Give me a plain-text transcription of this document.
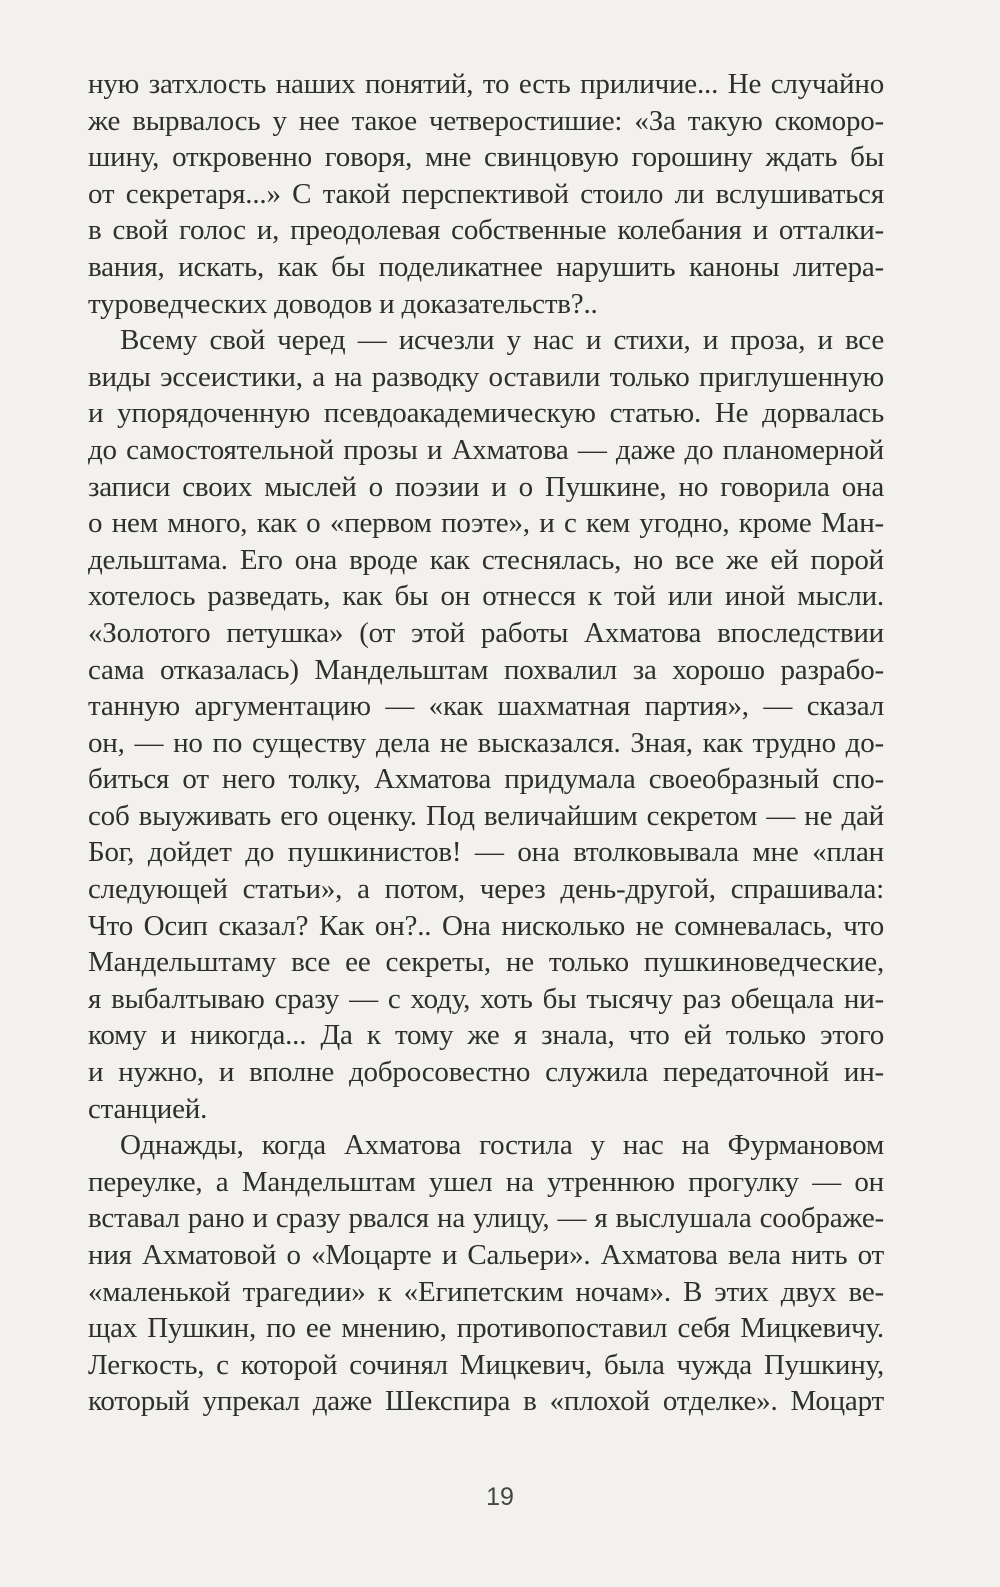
ную затхлость наших понятий, то есть приличие... Не случайно
же вырвалось у нее такое четверостишие: «За такую скоморо-
шину, откровенно говоря, мне свинцовую горошину ждать бы
от секретаря...» С такой перспективой стоило ли вслушиваться
в свой голос и, преодолевая собственные колебания и отталки-
вания, искать, как бы поделикатнее нарушить каноны литера-
туроведческих доводов и доказательств?..
Всему свой черед — исчезли у нас и стихи, и проза, и все
виды эссеистики, а на разводку оставили только приглушенную
и упорядоченную псевдоакадемическую статью. Не дорвалась
до самостоятельной прозы и Ахматова — даже до планомерной
записи своих мыслей о поэзии и о Пушкине, но говорила она
о нем много, как о «первом поэте», и с кем угодно, кроме Ман-
дельштама. Его она вроде как стеснялась, но все же ей порой
хотелось разведать, как бы он отнесся к той или иной мысли.
«Золотого петушка» (от этой работы Ахматова впоследствии
сама отказалась) Мандельштам похвалил за хорошо разрабо-
танную аргументацию — «как шахматная партия», — сказал
он, — но по существу дела не высказался. Зная, как трудно до-
биться от него толку, Ахматова придумала своеобразный спо-
соб выуживать его оценку. Под величайшим секретом — не дай
Бог, дойдет до пушкинистов! — она втолковывала мне «план
следующей статьи», а потом, через день-другой, спрашивала:
Что Осип сказал? Как он?.. Она нисколько не сомневалась, что
Мандельштаму все ее секреты, не только пушкиноведческие,
я выбалтываю сразу — с ходу, хоть бы тысячу раз обещала ни-
кому и никогда... Да к тому же я знала, что ей только этого
и нужно, и вполне добросовестно служила передаточной ин-
станцией.
Однажды, когда Ахматова гостила у нас на Фурмановом
переулке, а Мандельштам ушел на утреннюю прогулку — он
вставал рано и сразу рвался на улицу, — я выслушала соображе-
ния Ахматовой о «Моцарте и Сальери». Ахматова вела нить от
«маленькой трагедии» к «Египетским ночам». В этих двух ве-
щах Пушкин, по ее мнению, противопоставил себя Мицкевичу.
Легкость, с которой сочинял Мицкевич, была чужда Пушкину,
который упрекал даже Шекспира в «плохой отделке». Моцарт
19
